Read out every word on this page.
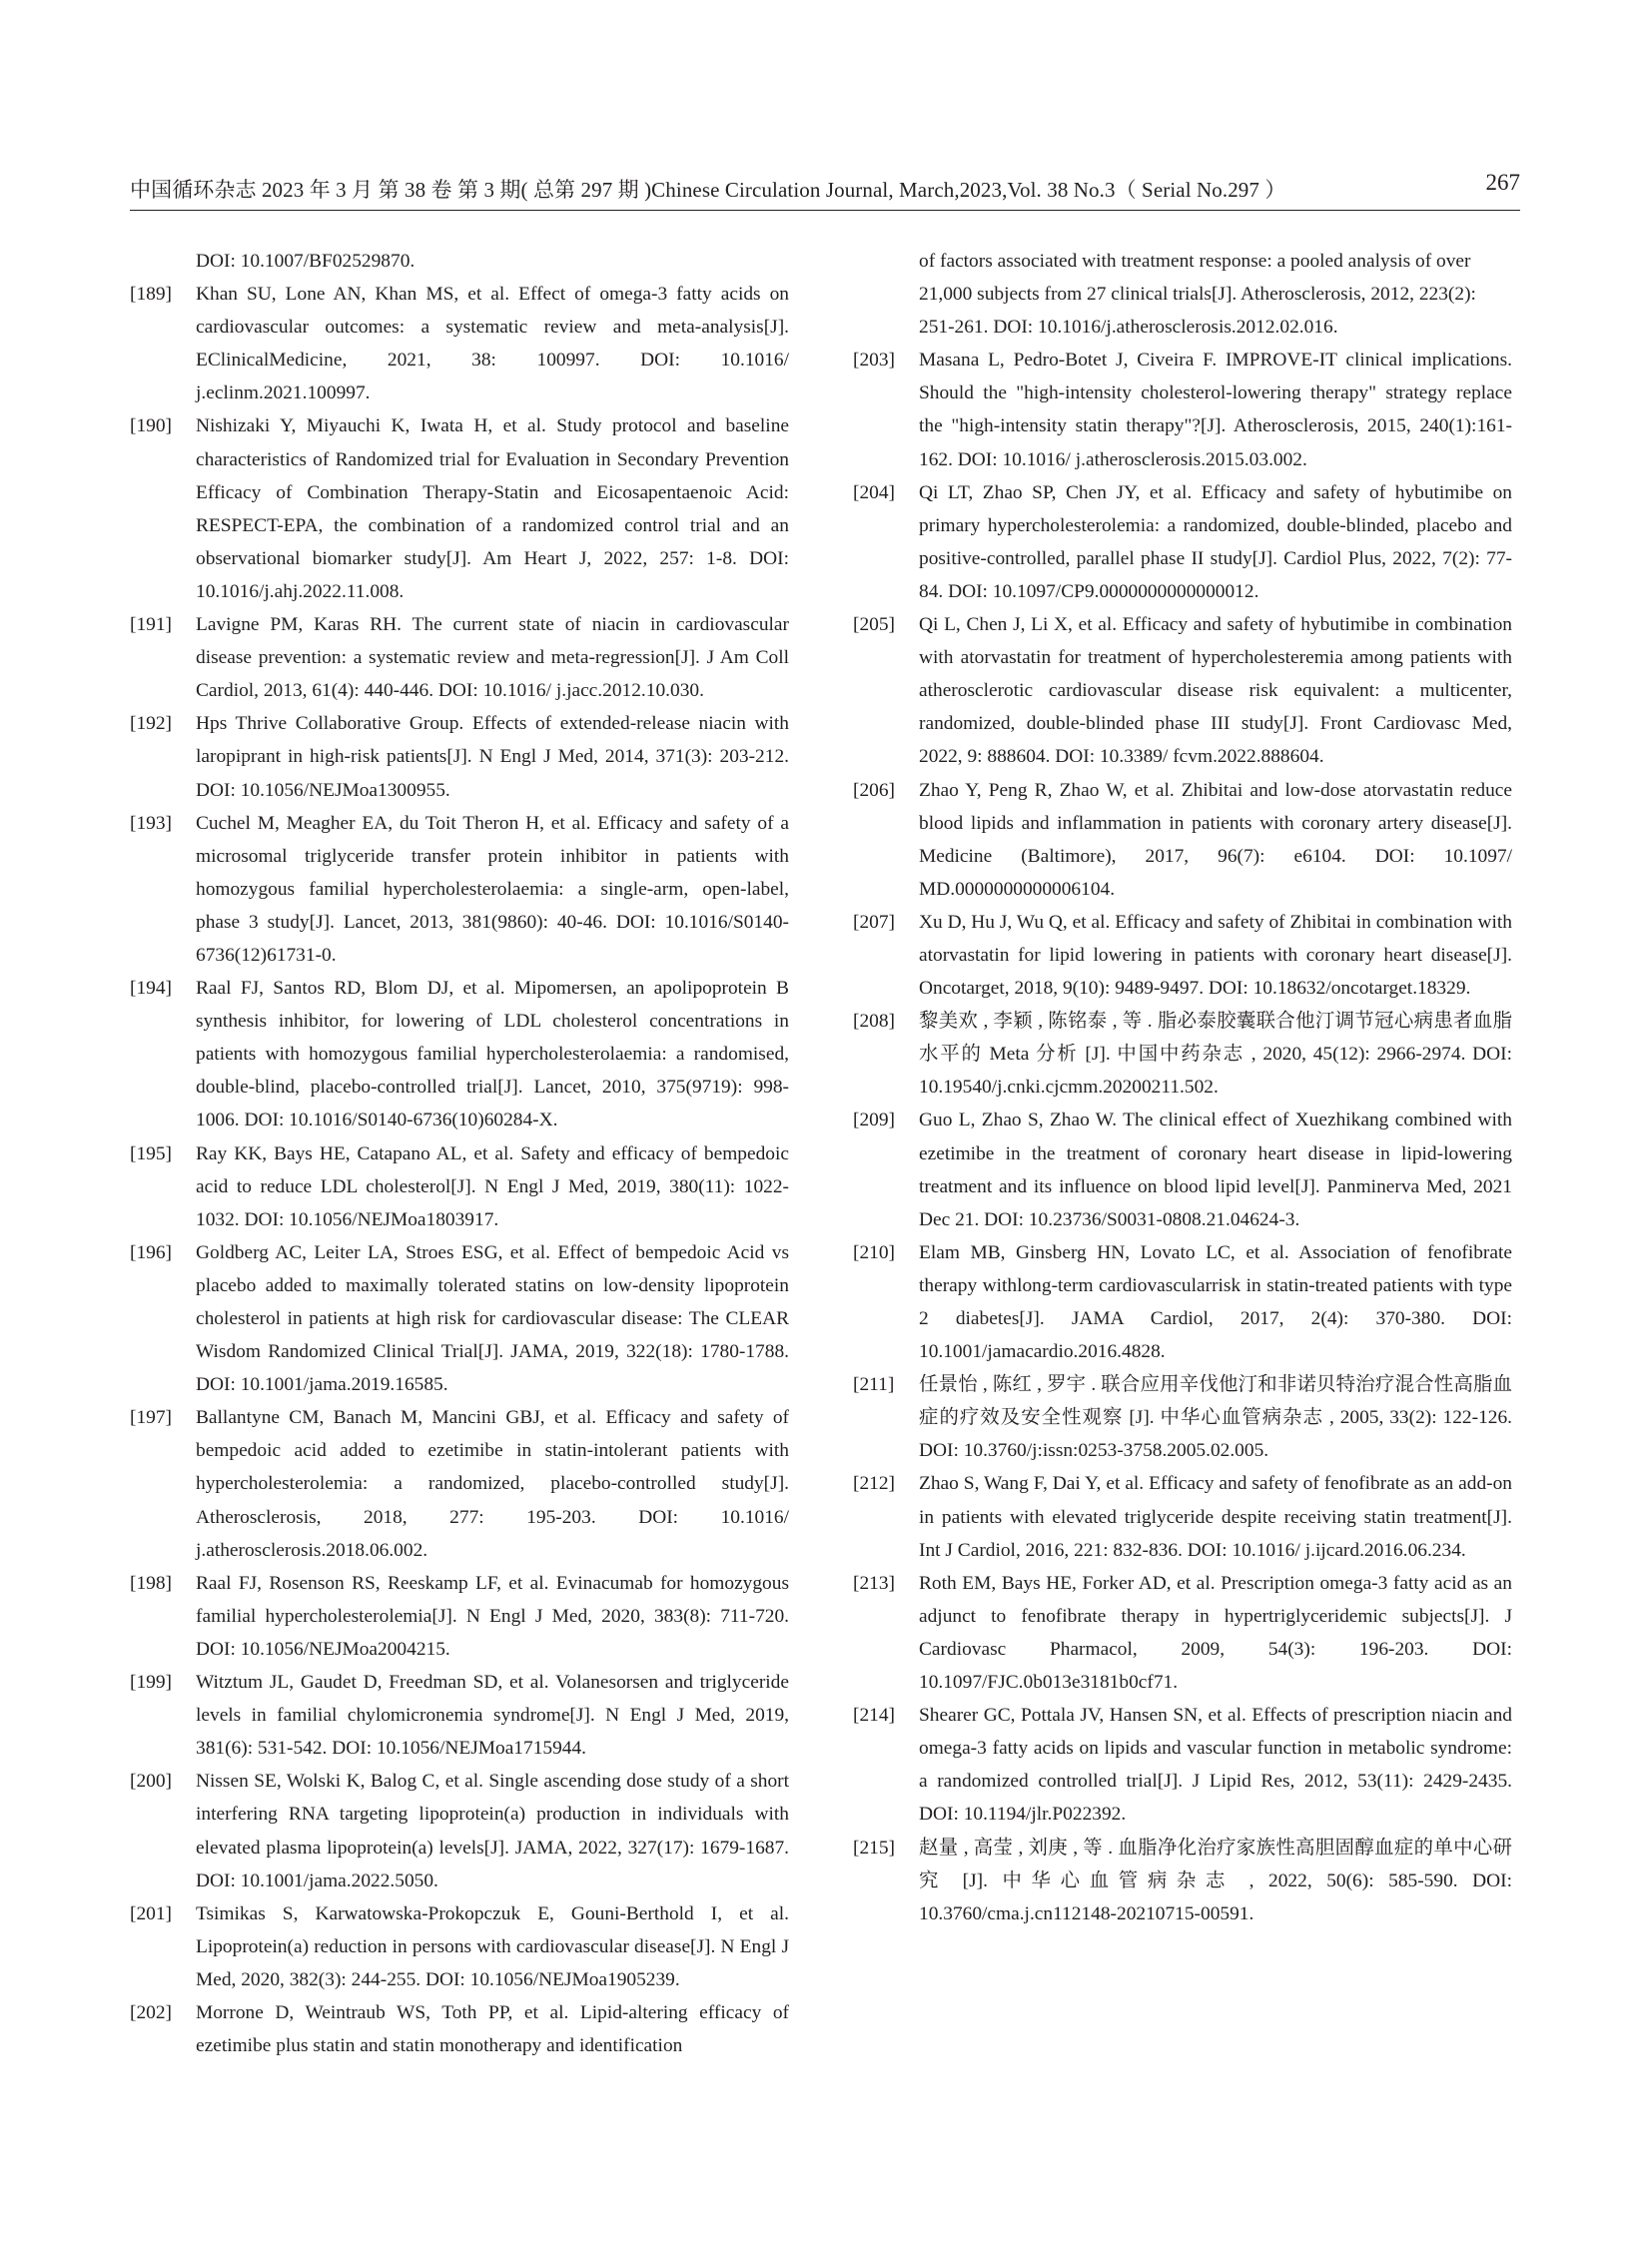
中国循环杂志 2023 年 3 月 第 38 卷 第 3 期( 总第 297 期 )Chinese Circulation Journal, March,2023,Vol. 38 No.3（ Serial No.297 ）	267

DOI: 10.1007/BF02529870.

[189] Khan SU, Lone AN, Khan MS, et al. Effect of omega-3 fatty acids on cardiovascular outcomes: a systematic review and meta-analysis[J]. EClinicalMedicine, 2021, 38: 100997. DOI: 10.1016/ j.eclinm.2021.100997.

[190] Nishizaki Y, Miyauchi K, Iwata H, et al. Study protocol and baseline characteristics of Randomized trial for Evaluation in Secondary Prevention Efficacy of Combination Therapy-Statin and Eicosapentaenoic Acid: RESPECT-EPA, the combination of a randomized control trial and an observational biomarker study[J]. Am Heart J, 2022, 257: 1-8. DOI: 10.1016/j.ahj.2022.11.008.

[191] Lavigne PM, Karas RH. The current state of niacin in cardiovascular disease prevention: a systematic review and meta-regression[J]. J Am Coll Cardiol, 2013, 61(4): 440-446. DOI: 10.1016/ j.jacc.2012.10.030.

[192] Hps Thrive Collaborative Group. Effects of extended-release niacin with laropiprant in high-risk patients[J]. N Engl J Med, 2014, 371(3): 203-212. DOI: 10.1056/NEJMoa1300955.

[193] Cuchel M, Meagher EA, du Toit Theron H, et al. Efficacy and safety of a microsomal triglyceride transfer protein inhibitor in patients with homozygous familial hypercholesterolaemia: a single-arm, open-label, phase 3 study[J]. Lancet, 2013, 381(9860): 40-46. DOI: 10.1016/S0140-6736(12)61731-0.

[194] Raal FJ, Santos RD, Blom DJ, et al. Mipomersen, an apolipoprotein B synthesis inhibitor, for lowering of LDL cholesterol concentrations in patients with homozygous familial hypercholesterolaemia: a randomised, double-blind, placebo-controlled trial[J]. Lancet, 2010, 375(9719): 998-1006. DOI: 10.1016/S0140-6736(10)60284-X.

[195] Ray KK, Bays HE, Catapano AL, et al. Safety and efficacy of bempedoic acid to reduce LDL cholesterol[J]. N Engl J Med, 2019, 380(11): 1022-1032. DOI: 10.1056/NEJMoa1803917.

[196] Goldberg AC, Leiter LA, Stroes ESG, et al. Effect of bempedoic Acid vs placebo added to maximally tolerated statins on low-density lipoprotein cholesterol in patients at high risk for cardiovascular disease: The CLEAR Wisdom Randomized Clinical Trial[J]. JAMA, 2019, 322(18): 1780-1788. DOI: 10.1001/jama.2019.16585.

[197] Ballantyne CM, Banach M, Mancini GBJ, et al. Efficacy and safety of bempedoic acid added to ezetimibe in statin-intolerant patients with hypercholesterolemia: a randomized, placebo-controlled study[J]. Atherosclerosis, 2018, 277: 195-203. DOI: 10.1016/ j.atherosclerosis.2018.06.002.

[198] Raal FJ, Rosenson RS, Reeskamp LF, et al. Evinacumab for homozygous familial hypercholesterolemia[J]. N Engl J Med, 2020, 383(8): 711-720. DOI: 10.1056/NEJMoa2004215.

[199] Witztum JL, Gaudet D, Freedman SD, et al. Volanesorsen and triglyceride levels in familial chylomicronemia syndrome[J]. N Engl J Med, 2019, 381(6): 531-542. DOI: 10.1056/NEJMoa1715944.

[200] Nissen SE, Wolski K, Balog C, et al. Single ascending dose study of a short interfering RNA targeting lipoprotein(a) production in individuals with elevated plasma lipoprotein(a) levels[J]. JAMA, 2022, 327(17): 1679-1687. DOI: 10.1001/jama.2022.5050.

[201] Tsimikas S, Karwatowska-Prokopczuk E, Gouni-Berthold I, et al. Lipoprotein(a) reduction in persons with cardiovascular disease[J]. N Engl J Med, 2020, 382(3): 244-255. DOI: 10.1056/NEJMoa1905239.

[202] Morrone D, Weintraub WS, Toth PP, et al. Lipid-altering efficacy of ezetimibe plus statin and statin monotherapy and identification

of factors associated with treatment response: a pooled analysis of over 21,000 subjects from 27 clinical trials[J]. Atherosclerosis, 2012, 223(2): 251-261. DOI: 10.1016/j.atherosclerosis.2012.02.016.

[203] Masana L, Pedro-Botet J, Civeira F. IMPROVE-IT clinical implications. Should the "high-intensity cholesterol-lowering therapy" strategy replace the "high-intensity statin therapy"?[J]. Atherosclerosis, 2015, 240(1):161-162. DOI: 10.1016/ j.atherosclerosis.2015.03.002.

[204] Qi LT, Zhao SP, Chen JY, et al. Efficacy and safety of hybutimibe on primary hypercholesterolemia: a randomized, double-blinded, placebo and positive-controlled, parallel phase II study[J]. Cardiol Plus, 2022, 7(2): 77-84. DOI: 10.1097/CP9.0000000000000012.

[205] Qi L, Chen J, Li X, et al. Efficacy and safety of hybutimibe in combination with atorvastatin for treatment of hypercholesteremia among patients with atherosclerotic cardiovascular disease risk equivalent: a multicenter, randomized, double-blinded phase III study[J]. Front Cardiovasc Med, 2022, 9: 888604. DOI: 10.3389/ fcvm.2022.888604.

[206] Zhao Y, Peng R, Zhao W, et al. Zhibitai and low-dose atorvastatin reduce blood lipids and inflammation in patients with coronary artery disease[J]. Medicine (Baltimore), 2017, 96(7): e6104. DOI: 10.1097/ MD.0000000000006104.

[207] Xu D, Hu J, Wu Q, et al. Efficacy and safety of Zhibitai in combination with atorvastatin for lipid lowering in patients with coronary heart disease[J]. Oncotarget, 2018, 9(10): 9489-9497. DOI: 10.18632/oncotarget.18329.

[208] 黎美欢 , 李颖 , 陈铭泰 , 等 . 脂必泰胶囊联合他汀调节冠心病患者血脂水平的 Meta 分析 [J]. 中国中药杂志 , 2020, 45(12): 2966-2974. DOI: 10.19540/j.cnki.cjcmm.20200211.502.

[209] Guo L, Zhao S, Zhao W. The clinical effect of Xuezhikang combined with ezetimibe in the treatment of coronary heart disease in lipid-lowering treatment and its influence on blood lipid level[J]. Panminerva Med, 2021 Dec 21. DOI: 10.23736/S0031-0808.21.04624-3.

[210] Elam MB, Ginsberg HN, Lovato LC, et al. Association of fenofibrate therapy withlong-term cardiovascularrisk in statin-treated patients with type 2 diabetes[J]. JAMA Cardiol, 2017, 2(4): 370-380. DOI: 10.1001/jamacardio.2016.4828.

[211] 任景怡 , 陈红 , 罗宇 . 联合应用辛伐他汀和非诺贝特治疗混合性高脂血症的疗效及安全性观察 [J]. 中华心血管病杂志 , 2005, 33(2): 122-126. DOI: 10.3760/j:issn:0253-3758.2005.02.005.

[212] Zhao S, Wang F, Dai Y, et al. Efficacy and safety of fenofibrate as an add-on in patients with elevated triglyceride despite receiving statin treatment[J]. Int J Cardiol, 2016, 221: 832-836. DOI: 10.1016/ j.ijcard.2016.06.234.

[213] Roth EM, Bays HE, Forker AD, et al. Prescription omega-3 fatty acid as an adjunct to fenofibrate therapy in hypertriglyceridemic subjects[J]. J Cardiovasc Pharmacol, 2009, 54(3): 196-203. DOI: 10.1097/FJC.0b013e3181b0cf71.

[214] Shearer GC, Pottala JV, Hansen SN, et al. Effects of prescription niacin and omega-3 fatty acids on lipids and vascular function in metabolic syndrome: a randomized controlled trial[J]. J Lipid Res, 2012, 53(11): 2429-2435. DOI: 10.1194/jlr.P022392.

[215] 赵量 , 高莹 , 刘庚 , 等 . 血脂净化治疗家族性高胆固醇血症的单中心研究 [J]. 中华心血管病杂志 , 2022, 50(6): 585-590. DOI: 10.3760/cma.j.cn112148-20210715-00591.
